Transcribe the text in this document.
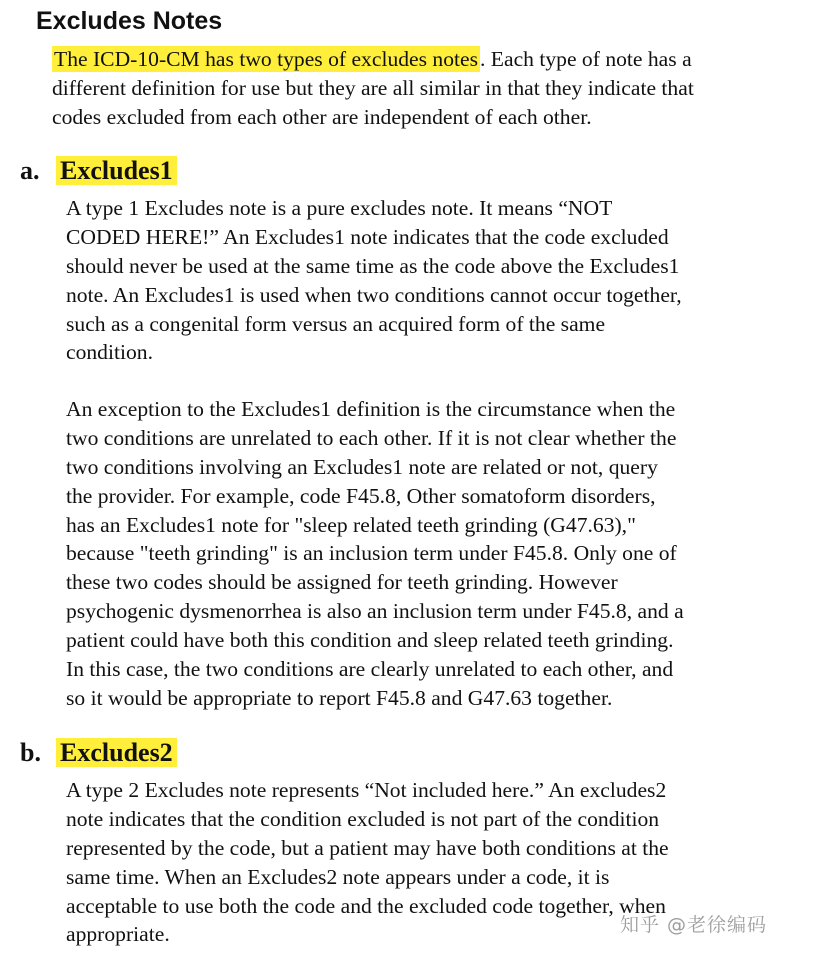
Excludes Notes
The ICD-10-CM has two types of excludes notes. Each type of note has a
different definition for use but they are all similar in that they indicate that
codes excluded from each other are independent of each other.
a. Excludes1
A type 1 Excludes note is a pure excludes note. It means “NOT
CODED HERE!” An Excludes1 note indicates that the code excluded
should never be used at the same time as the code above the Excludes1
note. An Excludes1 is used when two conditions cannot occur together,
such as a congenital form versus an acquired form of the same
condition.
An exception to the Excludes1 definition is the circumstance when the
two conditions are unrelated to each other. If it is not clear whether the
two conditions involving an Excludes1 note are related or not, query
the provider. For example, code F45.8, Other somatoform disorders,
has an Excludes1 note for "sleep related teeth grinding (G47.63),"
because "teeth grinding" is an inclusion term under F45.8. Only one of
these two codes should be assigned for teeth grinding. However
psychogenic dysmenorrhea is also an inclusion term under F45.8, and a
patient could have both this condition and sleep related teeth grinding.
In this case, the two conditions are clearly unrelated to each other, and
so it would be appropriate to report F45.8 and G47.63 together.
b. Excludes2
A type 2 Excludes note represents “Not included here.” An excludes2
note indicates that the condition excluded is not part of the condition
represented by the code, but a patient may have both conditions at the
same time. When an Excludes2 note appears under a code, it is
acceptable to use both the code and the excluded code together, when
appropriate.	知乎 @老徐编码
